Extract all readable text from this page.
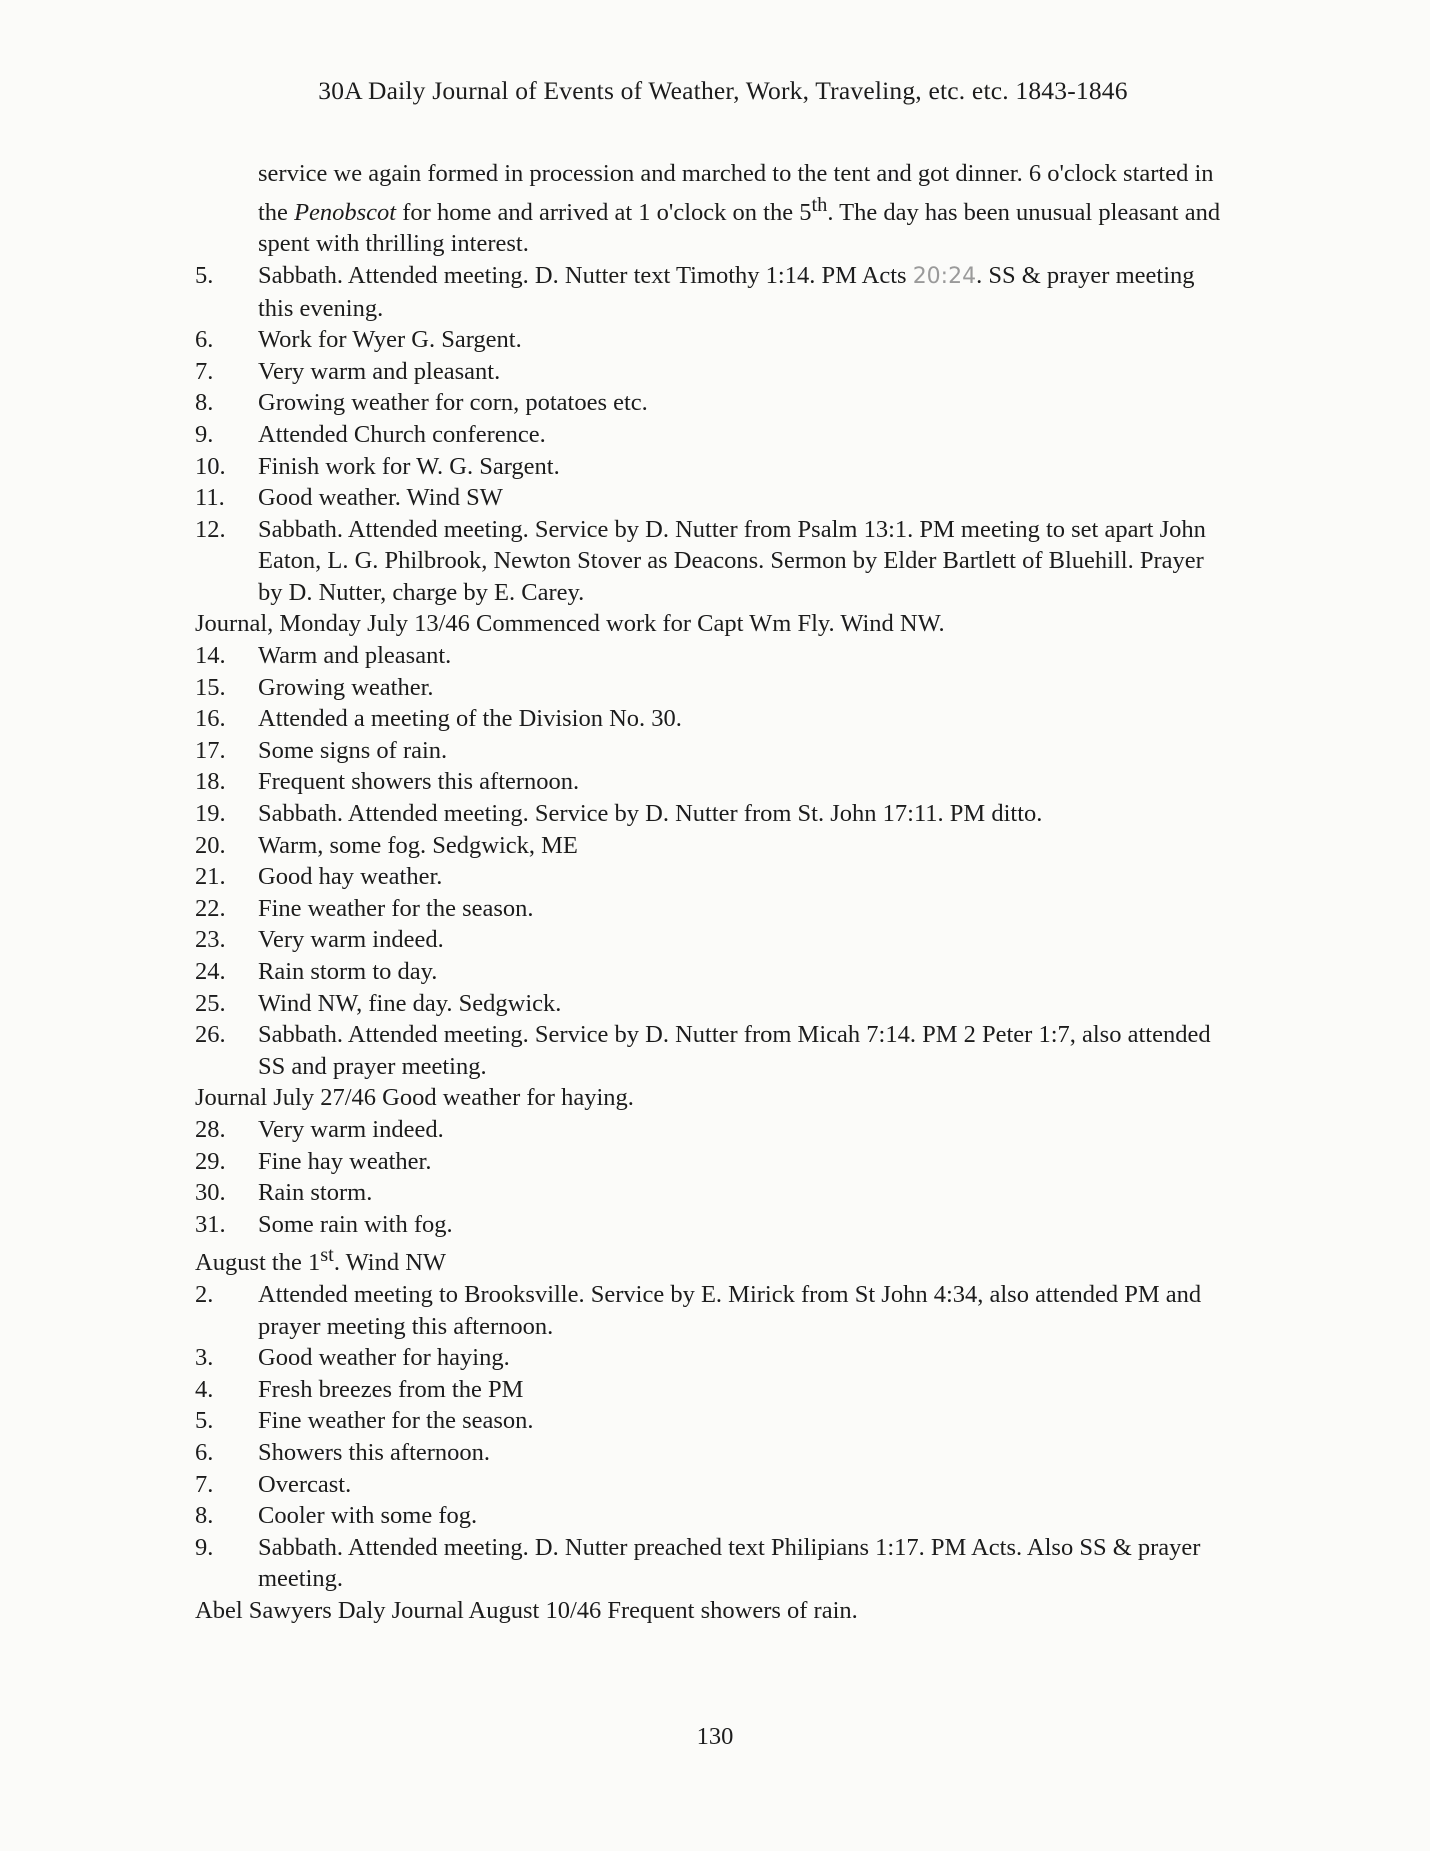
30A Daily Journal of Events of Weather, Work, Traveling, etc. etc. 1843-1846
service we again formed in procession and marched to the tent and got dinner. 6 o'clock started in the Penobscot for home and arrived at 1 o'clock on the 5th. The day has been unusual pleasant and spent with thrilling interest.
5.	Sabbath. Attended meeting. D. Nutter text Timothy 1:14. PM Acts 20:24. SS & prayer meeting this evening.
6.	Work for Wyer G. Sargent.
7.	Very warm and pleasant.
8.	Growing weather for corn, potatoes etc.
9.	Attended Church conference.
10.	Finish work for W. G. Sargent.
11.	Good weather. Wind SW
12.	Sabbath. Attended meeting. Service by D. Nutter from Psalm 13:1. PM meeting to set apart John Eaton, L. G. Philbrook, Newton Stover as Deacons. Sermon by Elder Bartlett of Bluehill. Prayer by D. Nutter, charge by E. Carey.
Journal, Monday July 13/46 Commenced work for Capt Wm Fly. Wind NW.
14.	Warm and pleasant.
15.	Growing weather.
16.	Attended a meeting of the Division No. 30.
17.	Some signs of rain.
18.	Frequent showers this afternoon.
19.	Sabbath. Attended meeting. Service by D. Nutter from St. John 17:11. PM ditto.
20.	Warm, some fog. Sedgwick, ME
21.	Good hay weather.
22.	Fine weather for the season.
23.	Very warm indeed.
24.	Rain storm to day.
25.	Wind NW, fine day. Sedgwick.
26.	Sabbath. Attended meeting. Service by D. Nutter from Micah 7:14. PM 2 Peter 1:7, also attended SS and prayer meeting.
Journal July 27/46 Good weather for haying.
28.	Very warm indeed.
29.	Fine hay weather.
30.	Rain storm.
31.	Some rain with fog.
August the 1st. Wind NW
2.	Attended meeting to Brooksville. Service by E. Mirick from St John 4:34, also attended PM and prayer meeting this afternoon.
3.	Good weather for haying.
4.	Fresh breezes from the PM
5.	Fine weather for the season.
6.	Showers this afternoon.
7.	Overcast.
8.	Cooler with some fog.
9.	Sabbath. Attended meeting. D. Nutter preached text Philipians 1:17. PM Acts. Also SS & prayer meeting.
Abel Sawyers Daly Journal August 10/46 Frequent showers of rain.
130
